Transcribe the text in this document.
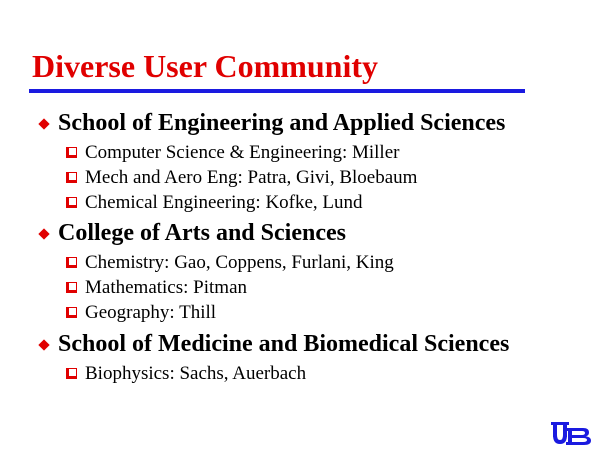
Diverse User Community
School of Engineering and Applied Sciences
Computer Science & Engineering: Miller
Mech and Aero Eng: Patra, Givi, Bloebaum
Chemical Engineering: Kofke, Lund
College of Arts and Sciences
Chemistry: Gao, Coppens, Furlani, King
Mathematics: Pitman
Geography: Thill
School of Medicine and Biomedical Sciences
Biophysics: Sachs, Auerbach
